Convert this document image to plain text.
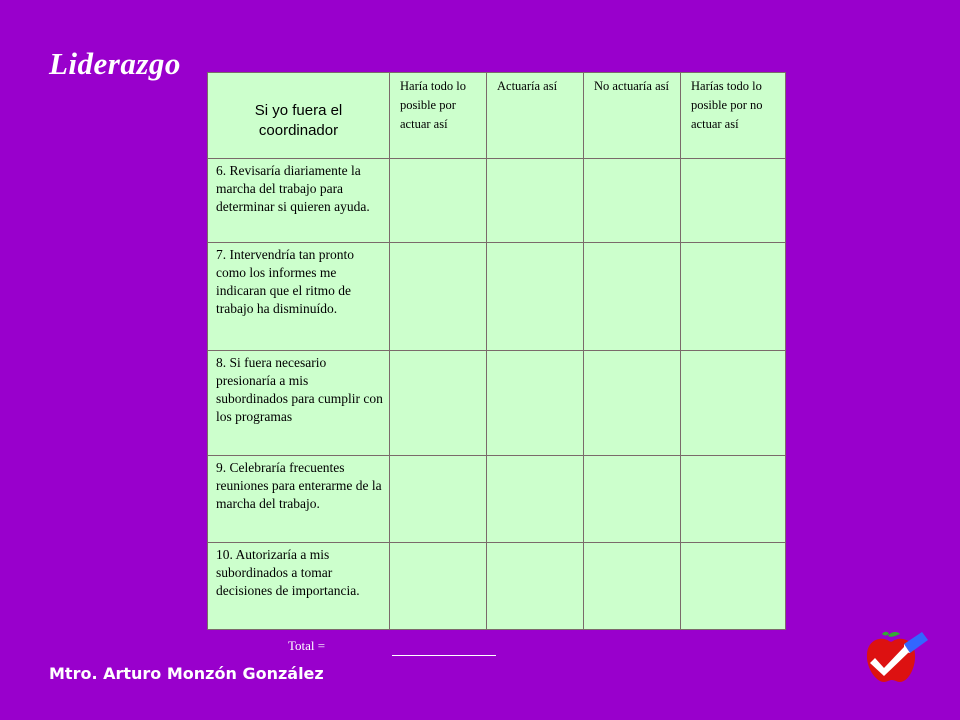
Liderazgo
Si yo fuera el coordinador	Haría todo lo posible por actuar así	Actuaría así	No actuaría así	Harías todo lo posible por no actuar así

6. Revisaría diariamente la marcha del trabajo para determinar si quieren ayuda.				

7. Intervendría tan pronto como los informes me indicaran que el ritmo de trabajo ha disminuído.				

8. Si fuera necesario presionaría a mis subordinados para cumplir con los programas				

9. Celebraría frecuentes reuniones para enterarme de la marcha del trabajo.				

10. Autorizaría a mis subordinados a tomar decisiones de importancia.				

Total =
Mtro. Arturo Monzón González
